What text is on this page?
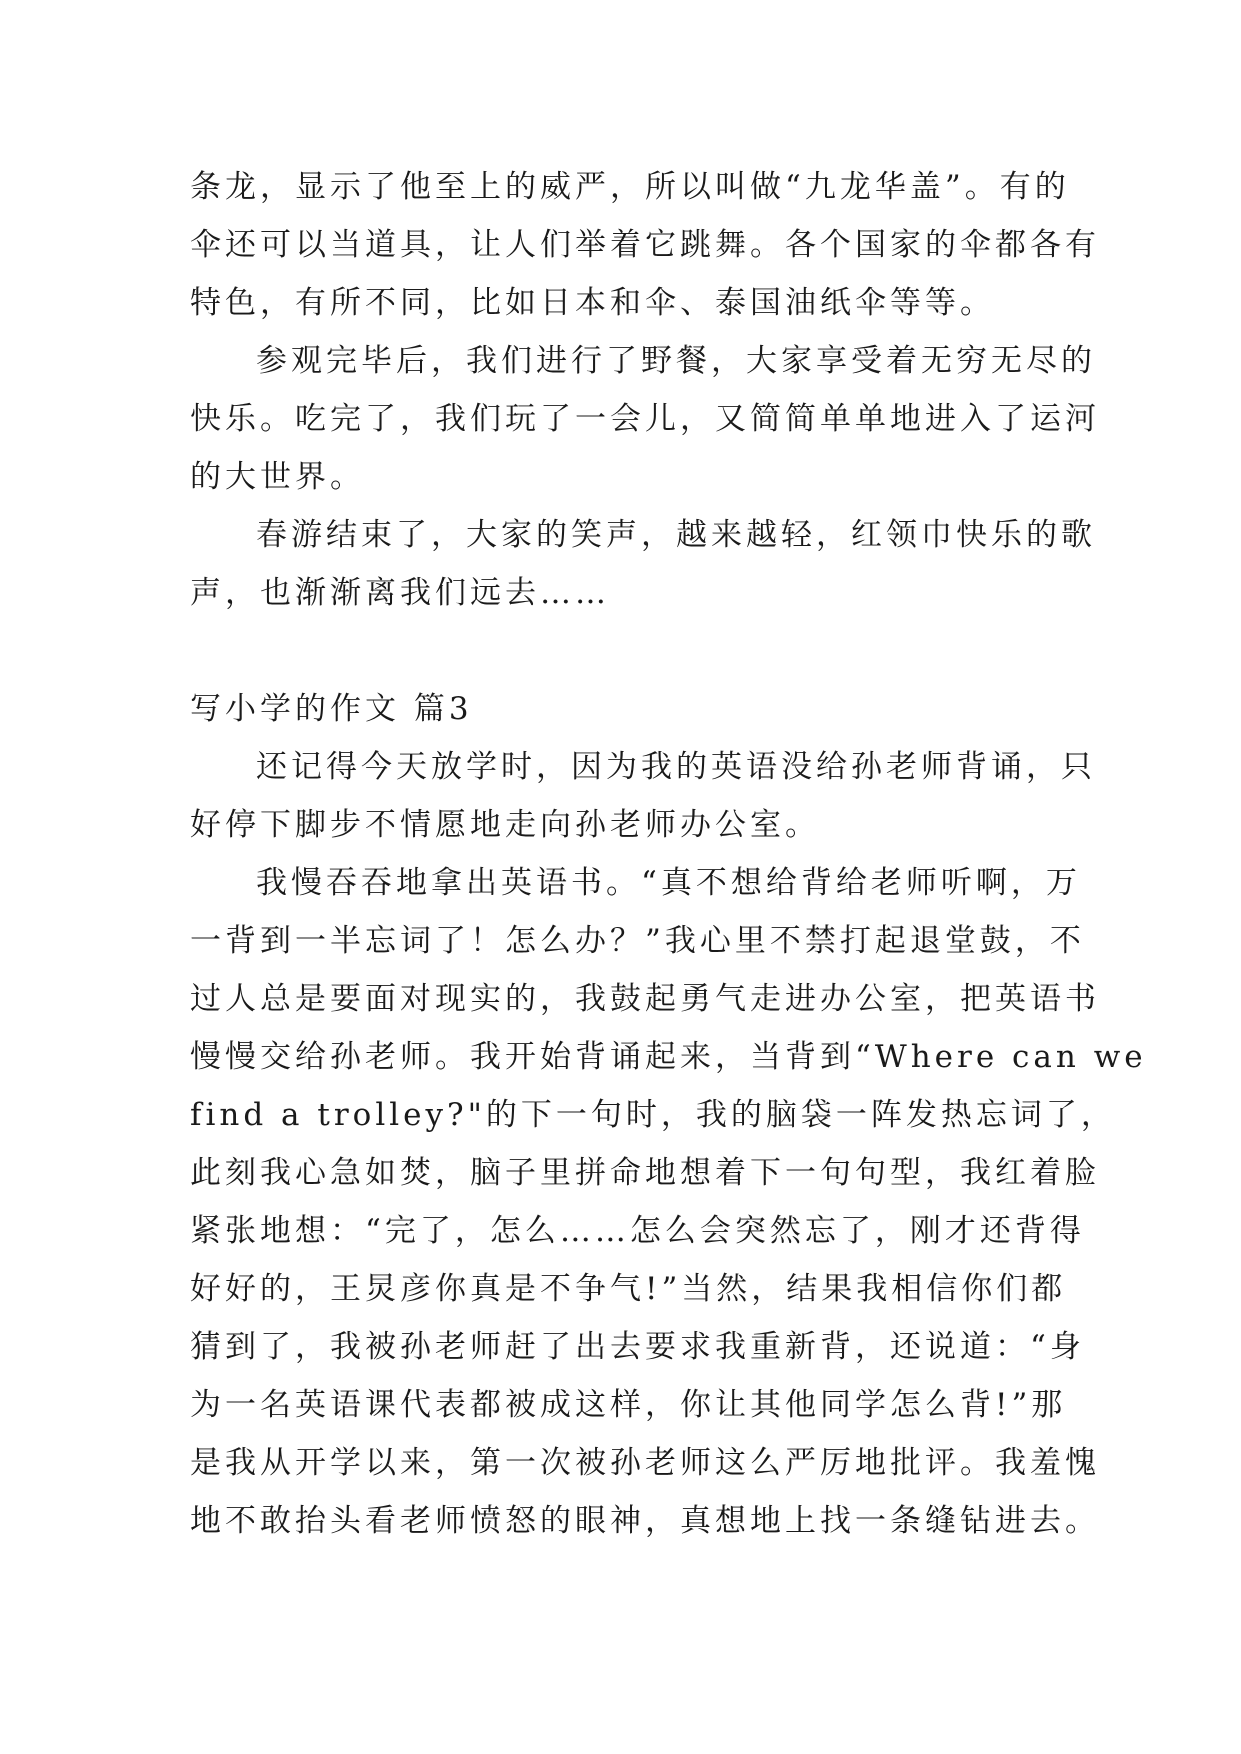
条龙，显示了他至上的威严，所以叫做“九龙华盖”。有的
伞还可以当道具，让人们举着它跳舞。各个国家的伞都各有
特色，有所不同，比如日本和伞、泰国油纸伞等等。
参观完毕后，我们进行了野餐，大家享受着无穷无尽的
快乐。吃完了，我们玩了一会儿，又简简单单地进入了运河
的大世界。
春游结束了，大家的笑声，越来越轻，红领巾快乐的歌
声，也渐渐离我们远去……
写小学的作文 篇3
还记得今天放学时，因为我的英语没给孙老师背诵，只
好停下脚步不情愿地走向孙老师办公室。
我慢吞吞地拿出英语书。“真不想给背给老师听啊，万
一背到一半忘词了！怎么办？”我心里不禁打起退堂鼓，不
过人总是要面对现实的，我鼓起勇气走进办公室，把英语书
慢慢交给孙老师。我开始背诵起来，当背到“Where can we
find a trolley?"的下一句时，我的脑袋一阵发热忘词了，
此刻我心急如焚，脑子里拼命地想着下一句句型，我红着脸
紧张地想：“完了，怎么……怎么会突然忘了，刚才还背得
好好的，王炅彦你真是不争气!”当然，结果我相信你们都
猜到了，我被孙老师赶了出去要求我重新背，还说道：“身
为一名英语课代表都被成这样，你让其他同学怎么背!”那
是我从开学以来，第一次被孙老师这么严厉地批评。我羞愧
地不敢抬头看老师愤怒的眼神，真想地上找一条缝钻进去。
